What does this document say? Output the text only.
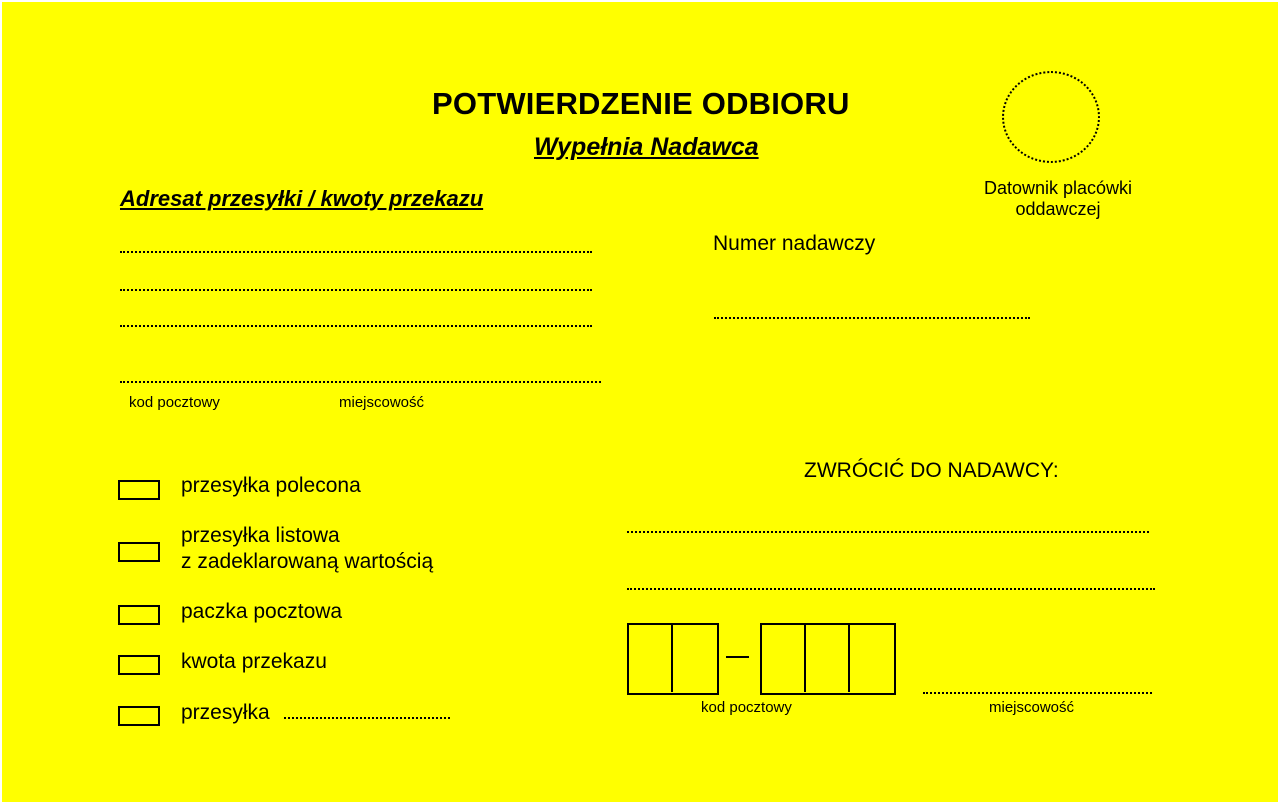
POTWIERDZENIE ODBIORU
Wypełnia Nadawca
Adresat przesyłki / kwoty przekazu
kod pocztowy	miejscowość
Datownik placówki oddawczej
Numer nadawczy
przesyłka polecona
przesyłka listowa
z zadeklarowaną wartością
paczka pocztowa
kwota przekazu
przesyłka
ZWRÓCIĆ DO NADAWCY:
kod pocztowy	miejscowość
